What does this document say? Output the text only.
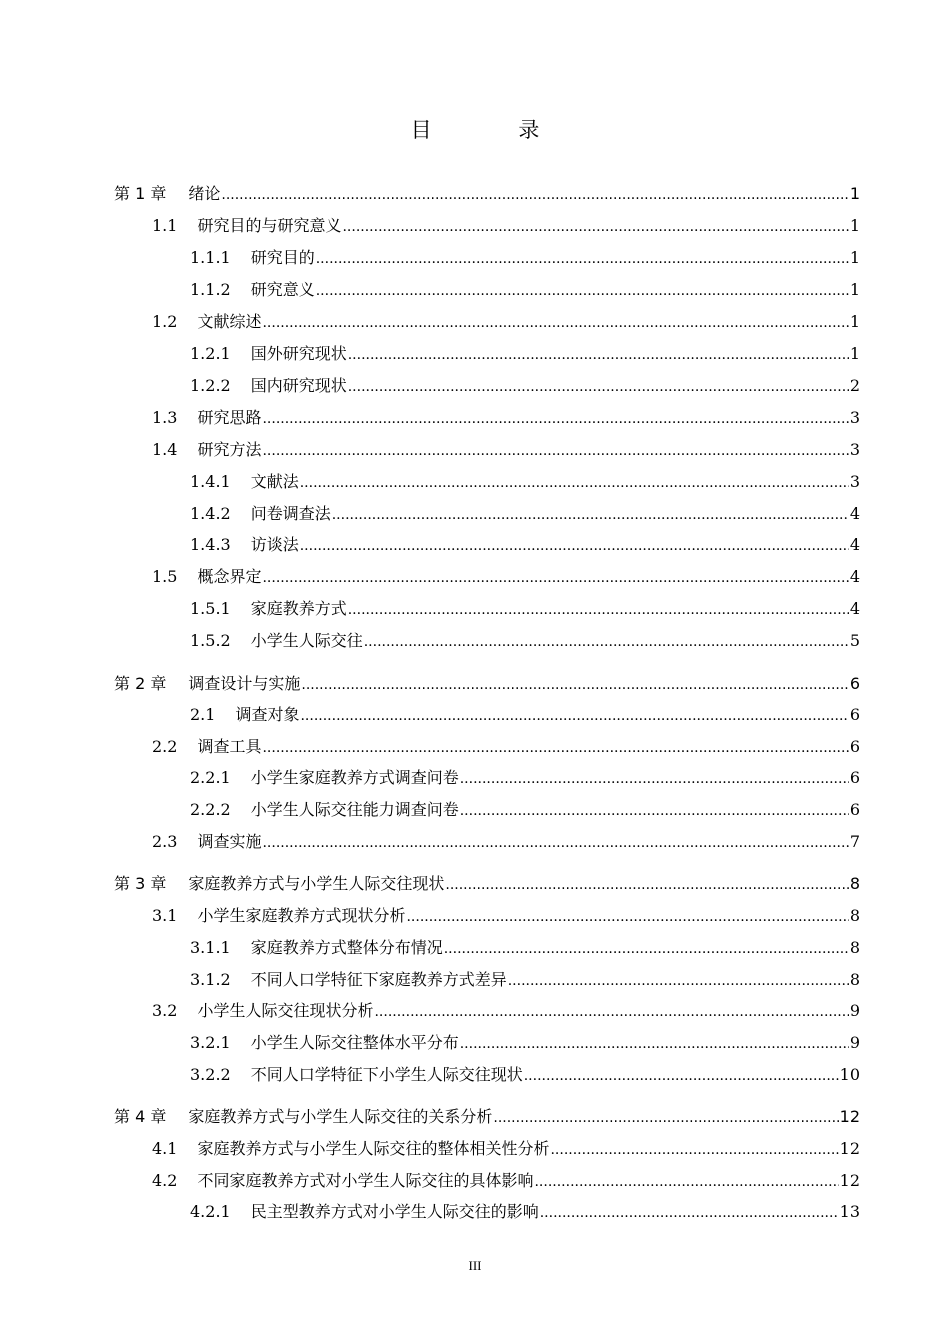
目 录
第 1 章 绪论 .....	1
1.1 研究目的与研究意义 .....	1
1.1.1 研究目的 .....	1
1.1.2 研究意义 .....	1
1.2 文献综述 .....	1
1.2.1 国外研究现状 .....	1
1.2.2 国内研究现状 .....	2
1.3 研究思路 .....	3
1.4 研究方法 .....	3
1.4.1 文献法 .....	3
1.4.2 问卷调查法 .....	4
1.4.3 访谈法 .....	4
1.5 概念界定 .....	4
1.5.1 家庭教养方式 .....	4
1.5.2 小学生人际交往 .....	5
第 2 章 调查设计与实施 .....	6
2.1 调查对象 .....	6
2.2 调查工具 .....	6
2.2.1 小学生家庭教养方式调查问卷 .....	6
2.2.2 小学生人际交往能力调查问卷 .....	6
2.3 调查实施 .....	7
第 3 章 家庭教养方式与小学生人际交往现状 .....	8
3.1 小学生家庭教养方式现状分析 .....	8
3.1.1 家庭教养方式整体分布情况 .....	8
3.1.2 不同人口学特征下家庭教养方式差异 .....	8
3.2 小学生人际交往现状分析 .....	9
3.2.1 小学生人际交往整体水平分布 .....	9
3.2.2 不同人口学特征下小学生人际交往现状 .....	10
第 4 章 家庭教养方式与小学生人际交往的关系分析 .....	12
4.1 家庭教养方式与小学生人际交往的整体相关性分析 .....	12
4.2 不同家庭教养方式对小学生人际交往的具体影响 .....	12
4.2.1 民主型教养方式对小学生人际交往的影响 .....	13
III
